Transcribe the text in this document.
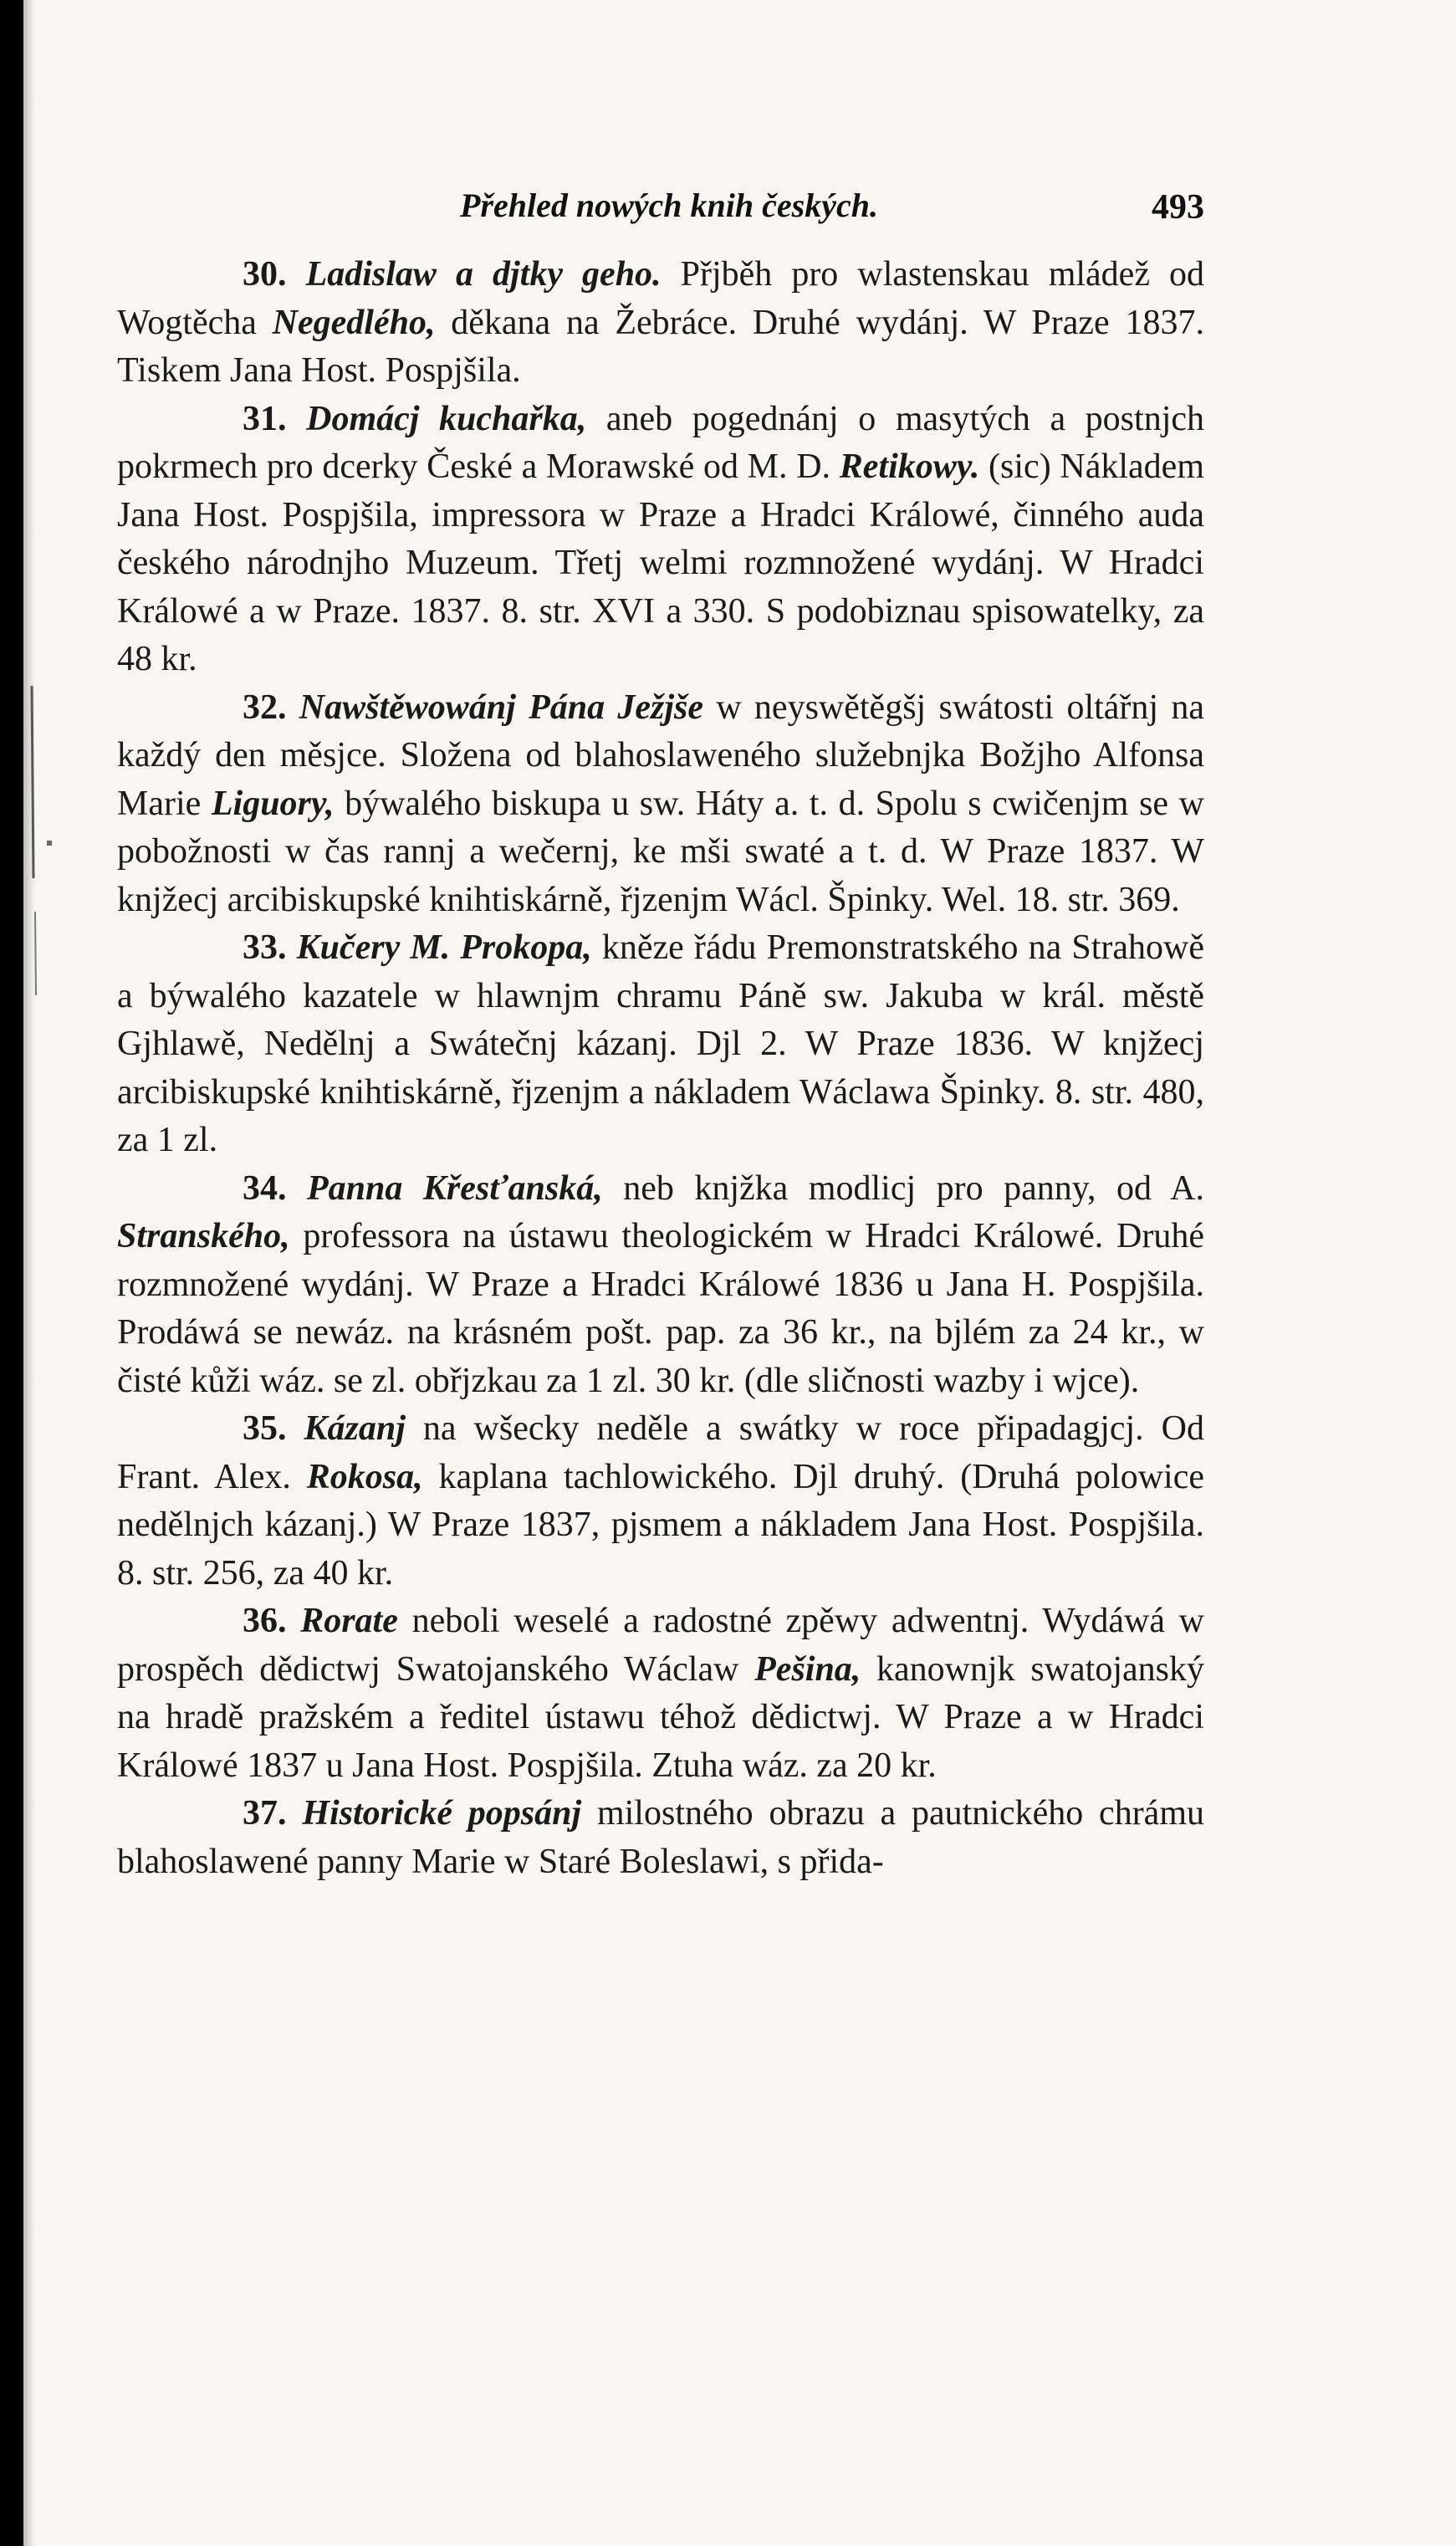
Přehled nowých knih českých.	493

30. Ladislaw a djtky geho. Přjběh pro wlastenskau mládež od Wogtěcha Negedlého, děkana na Žebráce. Druhé wydánj. W Praze 1837. Tiskem Jana Host. Pospjšila.

31. Domácj kuchařka, aneb pogednánj o masytých a postnjch pokrmech pro dcerky České a Morawské od M. D. Retikowy. (sic) Nákladem Jana Host. Pospjšila, impressora w Praze a Hradci Králowé, činného auda českého národnjho Muzeum. Třetj welmi rozmnožené wydánj. W Hradci Králowé a w Praze. 1837. 8. str. XVI a 330. S podobiznau spisowatelky, za 48 kr.

32. Nawštěwowánj Pána Ježjše w neyswětěgšj swátosti oltářnj na každý den měsjce. Složena od blahoslaweného služebnjka Božjho Alfonsa Marie Liguory, býwalého biskupa u sw. Háty a. t. d. Spolu s cwičenjm se w pobožnosti w čas rannj a wečernj, ke mši swaté a t. d. W Praze 1837. W knjžecj arcibiskupské knihtiskárně, řjzenjm Wácl. Špinky. Wel. 18. str. 369.

33. Kučery M. Prokopa, kněze řádu Premonstratského na Strahowě a býwalého kazatele w hlawnjm chramu Páně sw. Jakuba w král. městě Gjhlawě, Nedělnj a Swátečnj kázanj. Djl 2. W Praze 1836. W knjžecj arcibiskupské knihtiskárně, řjzenjm a nákladem Wáclawa Špinky. 8. str. 480, za 1 zl.

34. Panna Křesťanská, neb knjžka modlicj pro panny, od A. Stranského, professora na ústawu theologickém w Hradci Králowé. Druhé rozmnožené wydánj. W Praze a Hradci Králowé 1836 u Jana H. Pospjšila. Prodáwá se newáz. na krásném pošt. pap. za 36 kr., na bjlém za 24 kr., w čisté kůži wáz. se zl. obřjzkau za 1 zl. 30 kr. (dle sličnosti wazby i wjce).

35. Kázanj na wšecky neděle a swátky w roce připadagjcj. Od Frant. Alex. Rokosa, kaplana tachlowického. Djl druhý. (Druhá polowice nedělnjch kázanj.) W Praze 1837, pjsmem a nákladem Jana Host. Pospjšila. 8. str. 256, za 40 kr.

36. Rorate neboli weselé a radostné zpěwy adwentnj. Wydáwá w prospěch dědictwj Swatojanského Wáclaw Pešina, kanownjk swatojanský na hradě pražském a ředitel ústawu téhož dědictwj. W Praze a w Hradci Králowé 1837 u Jana Host. Pospjšila. Ztuha wáz. za 20 kr.

37. Historické popsánj milostného obrazu a pautnického chrámu blahoslawené panny Marie w Staré Boleslawi, s přida-
